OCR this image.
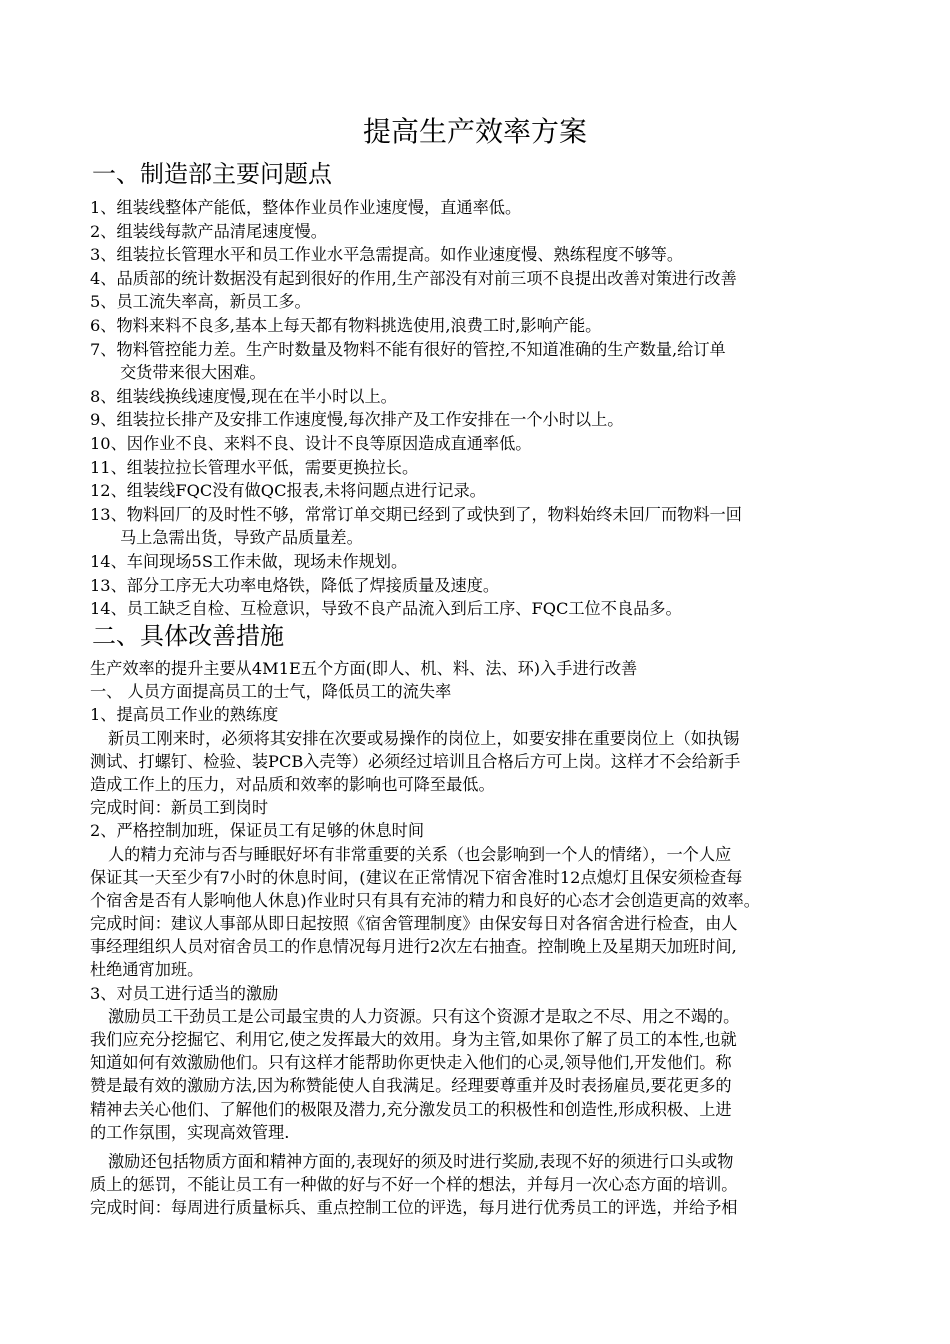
提高生产效率方案
一、制造部主要问题点
1、组装线整体产能低，整体作业员作业速度慢，直通率低。
2、组装线每款产品清尾速度慢。
3、组装拉长管理水平和员工作业水平急需提高。如作业速度慢、熟练程度不够等。
4、品质部的统计数据没有起到很好的作用,生产部没有对前三项不良提出改善对策进行改善
5、员工流失率高，新员工多。
6、物料来料不良多,基本上每天都有物料挑选使用,浪费工时,影响产能。
7、物料管控能力差。生产时数量及物料不能有很好的管控,不知道准确的生产数量,给订单
交货带来很大困难。
8、组装线换线速度慢,现在在半小时以上。
9、组装拉长排产及安排工作速度慢,每次排产及工作安排在一个小时以上。
10、因作业不良、来料不良、设计不良等原因造成直通率低。
11、组装拉拉长管理水平低，需要更换拉长。
12、组装线FQC没有做QC报表,未将问题点进行记录。
13、物料回厂的及时性不够，常常订单交期已经到了或快到了，物料始终未回厂而物料一回
马上急需出货，导致产品质量差。
14、车间现场5S工作未做，现场未作规划。
13、部分工序无大功率电烙铁，降低了焊接质量及速度。
14、员工缺乏自检、互检意识，导致不良产品流入到后工序、FQC工位不良品多。
二、具体改善措施
生产效率的提升主要从4M1E五个方面(即人、机、料、法、环)入手进行改善
一、 人员方面提高员工的士气，降低员工的流失率
1、提高员工作业的熟练度
新员工刚来时，必须将其安排在次要或易操作的岗位上，如要安排在重要岗位上（如执锡
测试、打螺钉、检验、装PCB入壳等）必须经过培训且合格后方可上岗。这样才不会给新手
造成工作上的压力，对品质和效率的影响也可降至最低。
完成时间：新员工到岗时
2、严格控制加班，保证员工有足够的休息时间
人的精力充沛与否与睡眠好坏有非常重要的关系（也会影响到一个人的情绪），一个人应
保证其一天至少有7小时的休息时间，(建议在正常情况下宿舍准时12点熄灯且保安须检查每
个宿舍是否有人影响他人休息)作业时只有具有充沛的精力和良好的心态才会创造更高的效率。
完成时间：建议人事部从即日起按照《宿舍管理制度》由保安每日对各宿舍进行检查，由人
事经理组织人员对宿舍员工的作息情况每月进行2次左右抽查。控制晚上及星期天加班时间,
杜绝通宵加班。
3、对员工进行适当的激励
激励员工干劲员工是公司最宝贵的人力资源。只有这个资源才是取之不尽、用之不竭的。
我们应充分挖掘它、利用它,使之发挥最大的效用。身为主管,如果你了解了员工的本性,也就
知道如何有效激励他们。只有这样才能帮助你更快走入他们的心灵,领导他们,开发他们。称
赞是最有效的激励方法,因为称赞能使人自我满足。经理要尊重并及时表扬雇员,要花更多的
精神去关心他们、了解他们的极限及潜力,充分激发员工的积极性和创造性,形成积极、上进
的工作氛围，实现高效管理.
激励还包括物质方面和精神方面的,表现好的须及时进行奖励,表现不好的须进行口头或物
质上的惩罚，不能让员工有一种做的好与不好一个样的想法，并每月一次心态方面的培训。
完成时间：每周进行质量标兵、重点控制工位的评选，每月进行优秀员工的评选，并给予相
